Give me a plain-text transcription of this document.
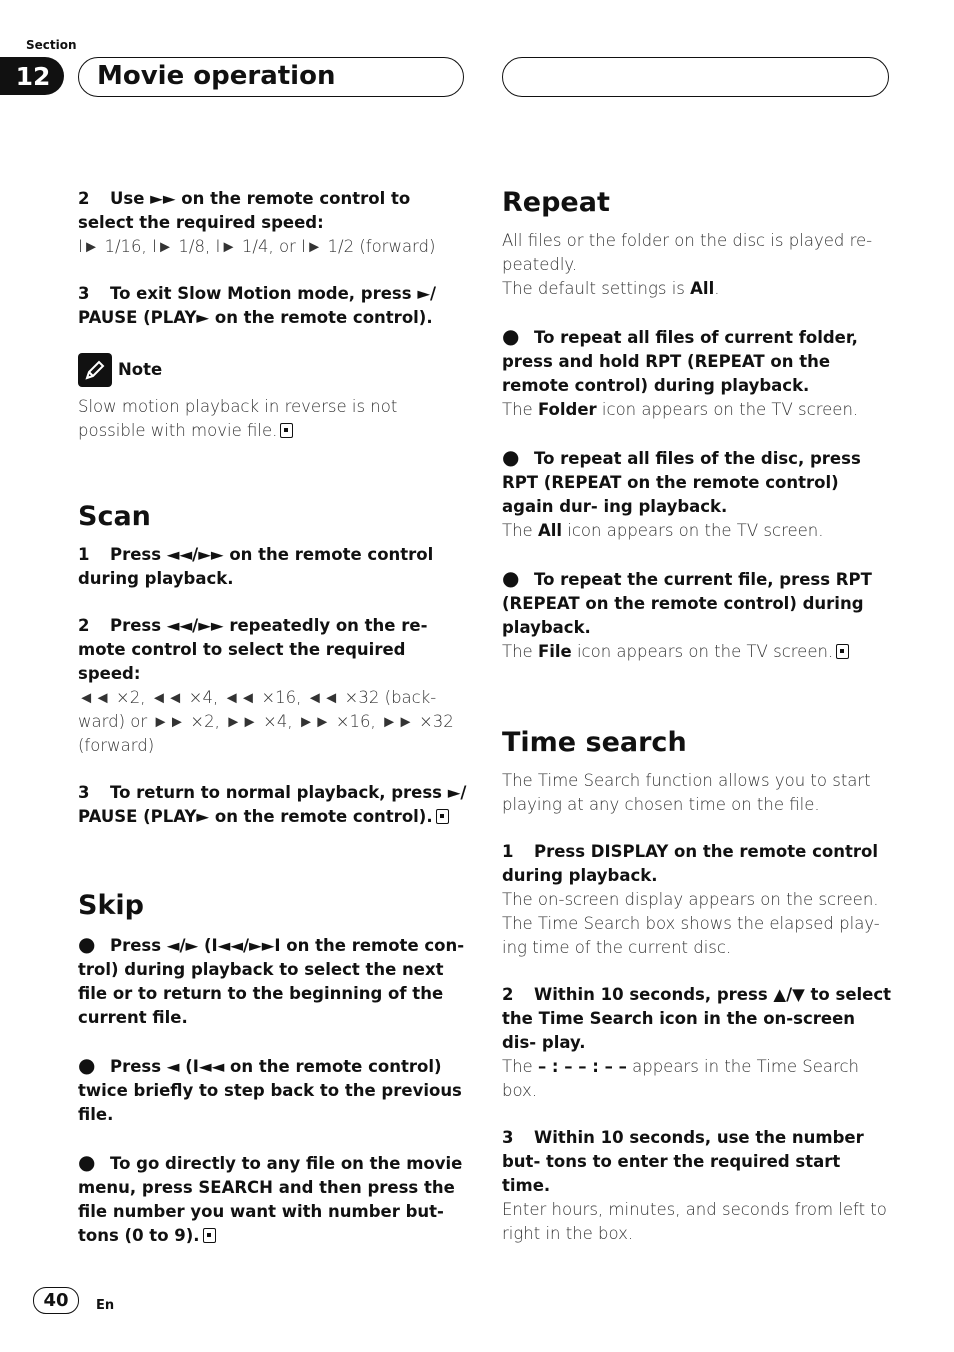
Section
12	Movie operation
2 Use ►► on the remote control to select the required speed:
I► 1/16, I► 1/8, I► 1/4, or I► 1/2 (forward)
3 To exit Slow Motion mode, press ►/ PAUSE (PLAY► on the remote control).
Note
Slow motion playback in reverse is not possible with movie file.
Scan
1 Press ◄◄/►► on the remote control during playback.
2 Press ◄◄/►► repeatedly on the re- mote control to select the required speed:
◄◄ ×2, ◄◄ ×4, ◄◄ ×16, ◄◄ ×32 (back- ward) or ►► ×2, ►► ×4, ►► ×16, ►► ×32 (forward)
3 To return to normal playback, press ►/ PAUSE (PLAY► on the remote control).
Skip
● Press ◄/► (I◄◄/►►I on the remote con- trol) during playback to select the next file or to return to the beginning of the current file.
● Press ◄ (I◄◄ on the remote control) twice briefly to step back to the previous file.
● To go directly to any file on the movie menu, press SEARCH and then press the file number you want with number but- tons (0 to 9).
Repeat
All files or the folder on the disc is played re- peatedly.
The default settings is All.
● To repeat all files of current folder, press and hold RPT (REPEAT on the remote control) during playback.
The Folder icon appears on the TV screen.
● To repeat all files of the disc, press RPT (REPEAT on the remote control) again dur- ing playback.
The All icon appears on the TV screen.
● To repeat the current file, press RPT (REPEAT on the remote control) during playback.
The File icon appears on the TV screen.
Time search
The Time Search function allows you to start playing at any chosen time on the file.
1 Press DISPLAY on the remote control during playback.
The on-screen display appears on the screen. The Time Search box shows the elapsed play- ing time of the current disc.
2 Within 10 seconds, press ▲/▼ to select the Time Search icon in the on-screen dis- play.
The – : – – : – – appears in the Time Search box.
3 Within 10 seconds, use the number but- tons to enter the required start time.
Enter hours, minutes, and seconds from left to right in the box.
40	En
